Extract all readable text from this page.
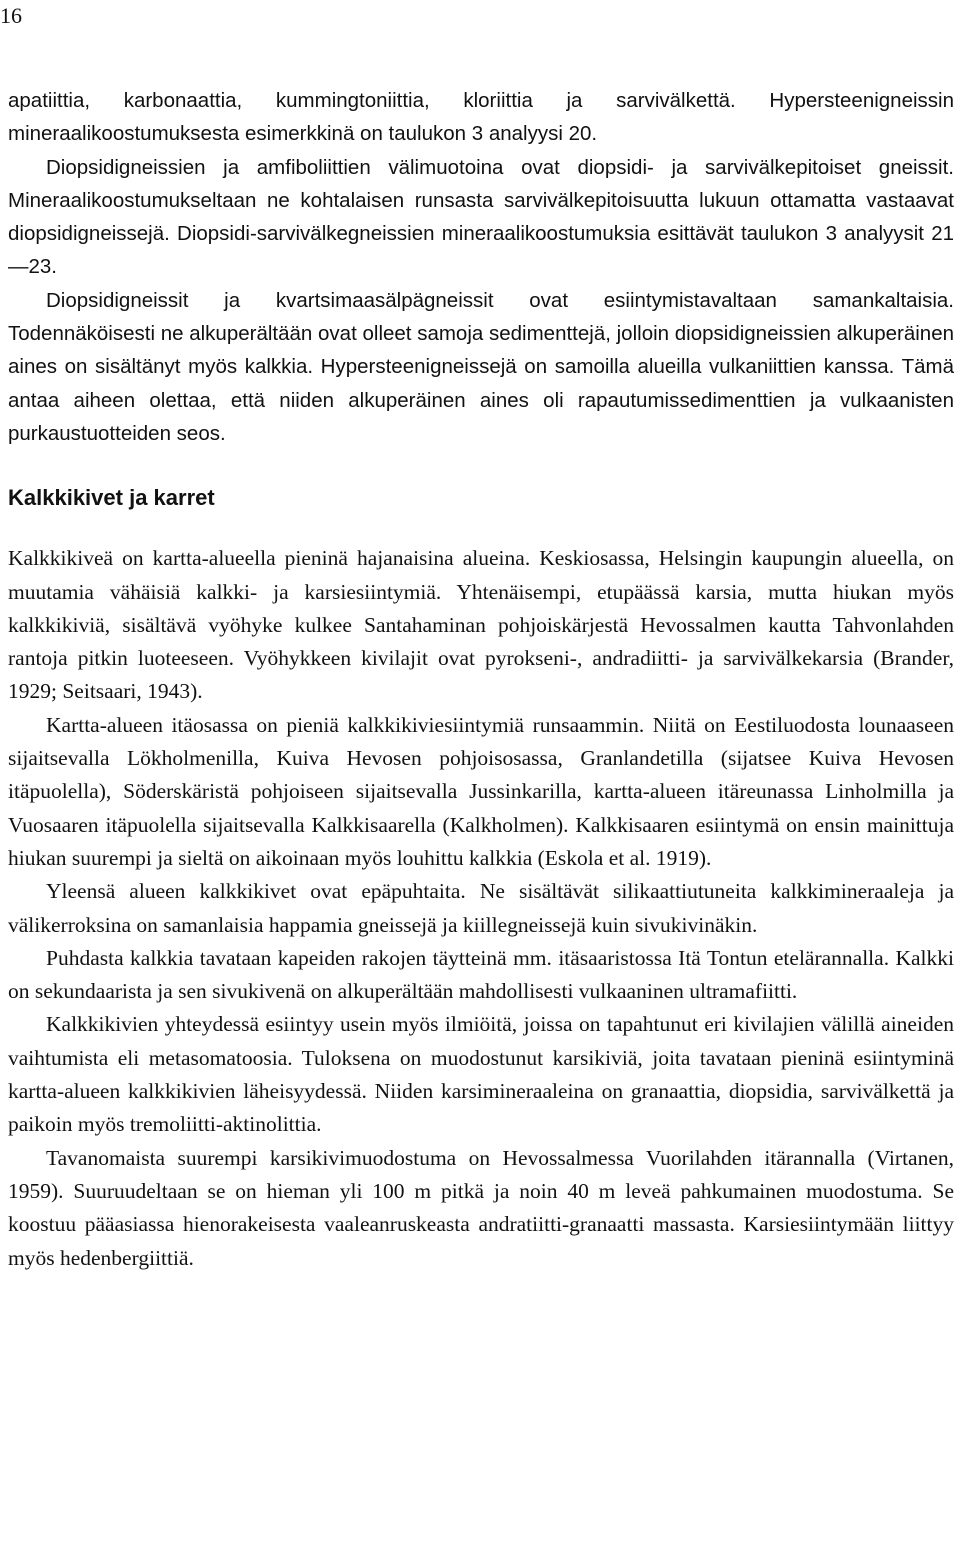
16

apatiittia, karbonaattia, kummingtoniittia, kloriittia ja sarvivälkettä. Hypersteenigneissin mineraalikoostumuksesta esimerkkinä on taulukon 3 analyysi 20.

Diopsidigneissien ja amfiboliittien välimuotoina ovat diopsidi- ja sarvivälkepitoiset gneissit. Mineraalikoostumukseltaan ne kohtalaisen runsasta sarvivälkepitoisuutta lukuun ottamatta vastaavat diopsidigneissejä. Diopsidi-sarvivälkegneissien mineraalikoostumuksia esittävät taulukon 3 analyysit 21—23.

Diopsidigneissit ja kvartsimaasälpägneissit ovat esiintymistavaltaan samankaltaisia. Todennäköisesti ne alkuperältään ovat olleet samoja sedimenttejä, jolloin diopsidigneissien alkuperäinen aines on sisältänyt myös kalkkia. Hypersteenigneissejä on samoilla alueilla vulkaniittien kanssa. Tämä antaa aiheen olettaa, että niiden alkuperäinen aines oli rapautumissedimenttien ja vulkaanisten purkaustuotteiden seos.

Kalkkikivet ja karret

Kalkkikiveä on kartta-alueella pieninä hajanaisina alueina. Keskiosassa, Helsingin kaupungin alueella, on muutamia vähäisiä kalkki- ja karsiesiintymiä. Yhtenäisempi, etupäässä karsia, mutta hiukan myös kalkkikiviä, sisältävä vyöhyke kulkee Santahaminan pohjoiskärjestä Hevossalmen kautta Tahvonlahden rantoja pitkin luoteeseen. Vyöhykkeen kivilajit ovat pyrokseni-, andradiitti- ja sarvivälkekarsia (Brander, 1929; Seitsaari, 1943).

Kartta-alueen itäosassa on pieniä kalkkikiviesiintymiä runsaammin. Niitä on Eestiluodosta lounaaseen sijaitsevalla Lökholmenilla, Kuiva Hevosen pohjoisosassa, Granlandetilla (sijatsee Kuiva Hevosen itäpuolella), Söderskäristä pohjoiseen sijaitsevalla Jussinkarilla, kartta-alueen itäreunassa Linholmilla ja Vuosaaren itäpuolella sijaitsevalla Kalkkisaarella (Kalkholmen). Kalkkisaaren esiintymä on ensin mainittuja hiukan suurempi ja sieltä on aikoinaan myös louhittu kalkkia (Eskola et al. 1919).

Yleensä alueen kalkkikivet ovat epäpuhtaita. Ne sisältävät silikaattiutuneita kalkkimineraaleja ja välikerroksina on samanlaisia happamia gneissejä ja kiillegneissejä kuin sivukivinäkin.

Puhdasta kalkkia tavataan kapeiden rakojen täytteinä mm. itäsaaristossa Itä Tontun etelärannalla. Kalkki on sekundaarista ja sen sivukivenä on alkuperältään mahdollisesti vulkaaninen ultramafiitti.

Kalkkikivien yhteydessä esiintyy usein myös ilmiöitä, joissa on tapahtunut eri kivilajien välillä aineiden vaihtumista eli metasomatoosia. Tuloksena on muodostunut karsikiviä, joita tavataan pieninä esiintyminä kartta-alueen kalkkikivien läheisyydessä. Niiden karsimineraaleina on granaattia, diopsidia, sarvivälkettä ja paikoin myös tremoliitti-aktinolittia.

Tavanomaista suurempi karsikivimuodostuma on Hevossalmessa Vuorilahden itärannalla (Virtanen, 1959). Suuruudeltaan se on hieman yli 100 m pitkä ja noin 40 m leveä pahkumainen muodostuma. Se koostuu pääasiassa hienorakeisesta vaaleanruskeasta andratiitti-granaatti massasta. Karsiesiintymään liittyy myös hedenbergiittiä.
